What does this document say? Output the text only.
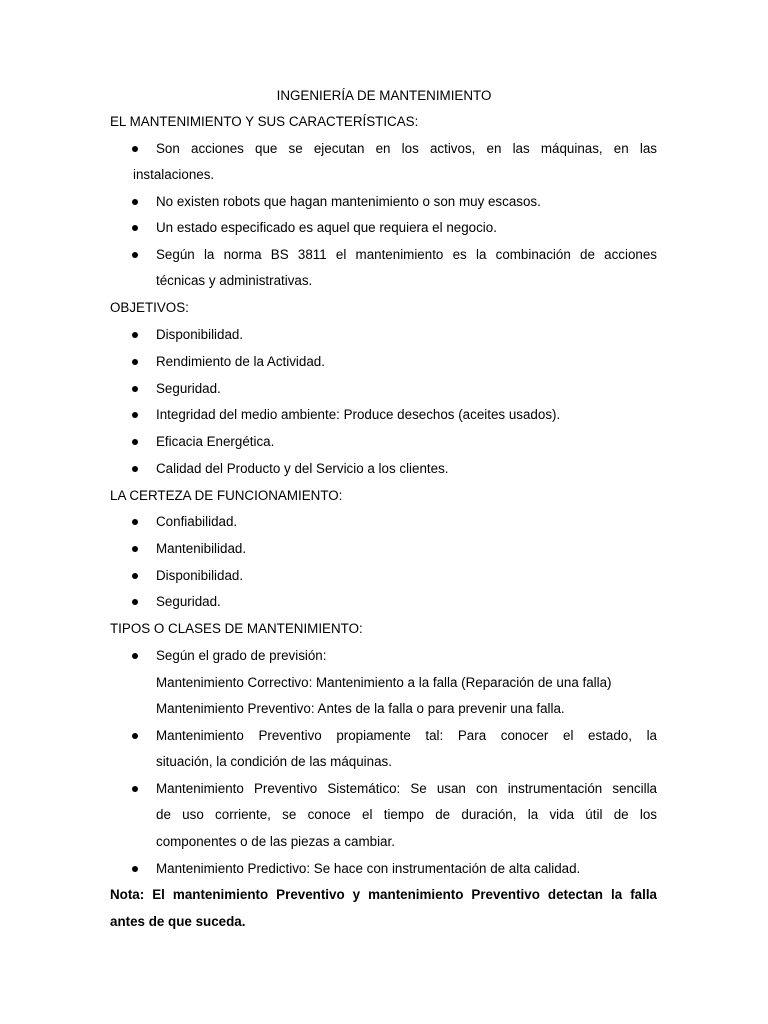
INGENIERÍA DE MANTENIMIENTO

EL MANTENIMIENTO Y SUS CARACTERÍSTICAS:

Son acciones que se ejecutan en los activos, en las máquinas, en las

instalaciones.

No existen robots que hagan mantenimiento o son muy escasos.

Un estado especificado es aquel que requiera el negocio.

Según la norma BS 3811 el mantenimiento es la combinación de acciones

técnicas y administrativas.

OBJETIVOS:

Disponibilidad.

Rendimiento de la Actividad.

Seguridad.

Integridad del medio ambiente: Produce desechos (aceites usados).

Eficacia Energética.

Calidad del Producto y del Servicio a los clientes.

LA CERTEZA DE FUNCIONAMIENTO:

Confiabilidad.

Mantenibilidad.

Disponibilidad.

Seguridad.

TIPOS O CLASES DE MANTENIMIENTO:

Según el grado de previsión:

Mantenimiento Correctivo: Mantenimiento a la falla (Reparación de una falla)

Mantenimiento Preventivo: Antes de la falla o para prevenir una falla.

Mantenimiento Preventivo propiamente tal: Para conocer el estado, la

situación, la condición de las máquinas.

Mantenimiento Preventivo Sistemático: Se usan con instrumentación sencilla

de uso corriente, se conoce el tiempo de duración, la vida útil de los

componentes o de las piezas a cambiar.

Mantenimiento Predictivo: Se hace con instrumentación de alta calidad.

Nota: El mantenimiento Preventivo y mantenimiento Preventivo detectan la falla

antes de que suceda.
